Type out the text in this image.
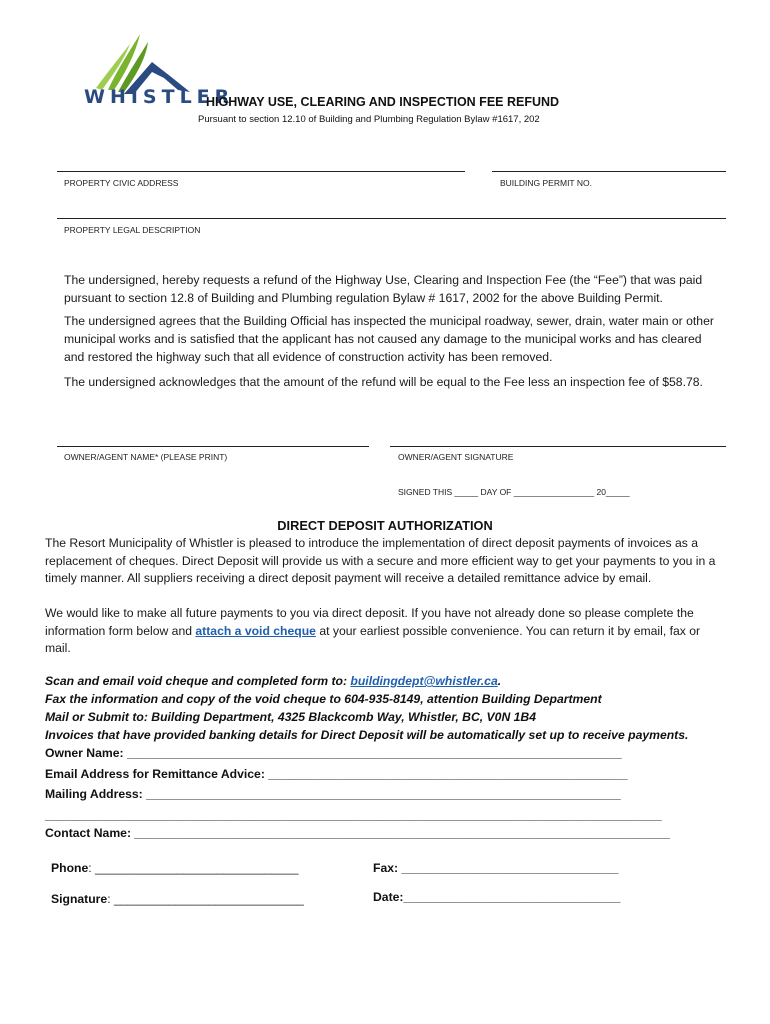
WHISTLER
HIGHWAY USE, CLEARING AND INSPECTION FEE REFUND
Pursuant to section 12.10 of Building and Plumbing Regulation Bylaw #1617, 202
PROPERTY CIVIC ADDRESS	BUILDING PERMIT NO.
PROPERTY LEGAL DESCRIPTION
The undersigned, hereby requests a refund of the Highway Use, Clearing and Inspection Fee (the “Fee”) that was paid pursuant to section 12.8 of Building and Plumbing regulation Bylaw # 1617, 2002 for the above Building Permit.
The undersigned agrees that the Building Official has inspected the municipal roadway, sewer, drain, water main or other municipal works and is satisfied that the applicant has not caused any damage to the municipal works and has cleared and restored the highway such that all evidence of construction activity has been removed.
The undersigned acknowledges that the amount of the refund will be equal to the Fee less an inspection fee of $58.78.
OWNER/AGENT NAME* (PLEASE PRINT)	OWNER/AGENT SIGNATURE
SIGNED THIS _____ DAY OF _________________ 20_____
DIRECT DEPOSIT AUTHORIZATION
The Resort Municipality of Whistler is pleased to introduce the implementation of direct deposit payments of invoices as a replacement of cheques. Direct Deposit will provide us with a secure and more efficient way to get your payments to you in a timely manner. All suppliers receiving a direct deposit payment will receive a detailed remittance advice by email.
We would like to make all future payments to you via direct deposit. If you have not already done so please complete the information form below and attach a void cheque at your earliest possible convenience. You can return it by email, fax or mail.
Scan and email void cheque and completed form to: buildingdept@whistler.ca.
Fax the information and copy of the void cheque to 604-935-8149, attention Building Department
Mail or Submit to: Building Department, 4325 Blackcomb Way, Whistler, BC, V0N 1B4
Invoices that have provided banking details for Direct Deposit will be automatically set up to receive payments.
Owner Name: _________________________________________________________________________
Email Address for Remittance Advice: _____________________________________________________
Mailing Address: ______________________________________________________________________
___________________________________________________________________________________________
Contact Name: _______________________________________________________________________________
Phone: ______________________________	Fax: ________________________________
Signature: ____________________________	Date:________________________________
